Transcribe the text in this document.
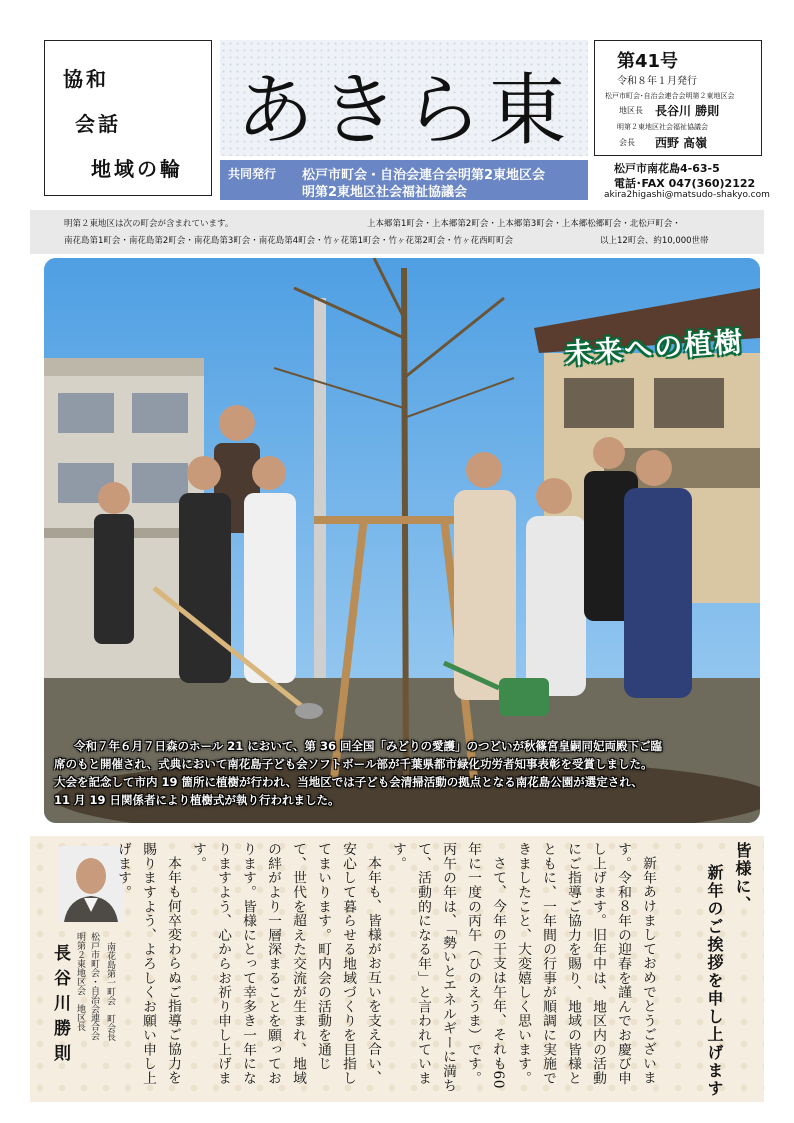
協和
会話
地域の輪
あきら東
共同発行 松戸市町会・自治会連合会明第2東地区会
明第2東地区社会福祉協議会
第41号
令和８年１月発行
松戸市町会･自治会連合会明第２東地区会
地区長 長谷川 勝則
明第２東地区社会福祉協議会
会長 西野 髙嶺
松戸市南花島4-63-5
電話･FAX 047(360)2122
akira2higashi@matsudo-shakyo.com
明第２東地区は次の町会が含まれています。	上本郷第1町会・上本郷第2町会・上本郷第3町会・上本郷松郷町会・北松戸町会・
南花島第1町会・南花島第2町会・南花島第3町会・南花島第4町会・竹ヶ花第1町会・竹ヶ花第2町会・竹ヶ花西町町会	以上12町会、約10,000世帯
未来への植樹
令和７年６月７日森のホール 21 において、第 36 回全国「みどりの愛護」のつどいが秋篠宮皇嗣同妃両殿下ご臨
席のもと開催され、式典において南花島子ども会ソフトボール部が千葉県都市緑化功労者知事表彰を受賞しました。
大会を記念して市内 19 箇所に植樹が行われ、当地区では子ども会清掃活動の拠点となる南花島公園が選定され、
11 月 19 日関係者により植樹式が執り行われました。
松戸市町会・自治会連合会
明第２東地区会　地区長 南花島第一町会　町会長
長谷川勝則	新年あけましておめでとうございます。令和８年の迎春を謹んでお慶び申し上げます。旧年中は、地区内の活動にご指導ご協力を賜り、地域の皆様とともに、一年間の行事が順調に実施できましたこと、大変嬉しく思います。

さて、今年の干支は午年、それも60年に一度の丙午（ひのえうま）です。丙午の年は、「勢いとエネルギーに満ちて、活動的になる年」と言われています。

本年も、皆様がお互いを支え合い、安心して暮らせる地域づくりを目指してまいります。町内会の活動を通じて、世代を超えた交流が生まれ、地域の絆がより一層深まることを願っております。皆様にとって幸多き一年になりますよう、心からお祈り申し上げます。

本年も何卒変わらぬご指導ご協力を賜りますよう、よろしくお願い申し上げます。	皆様に、
新年のご挨拶を申し上げます
